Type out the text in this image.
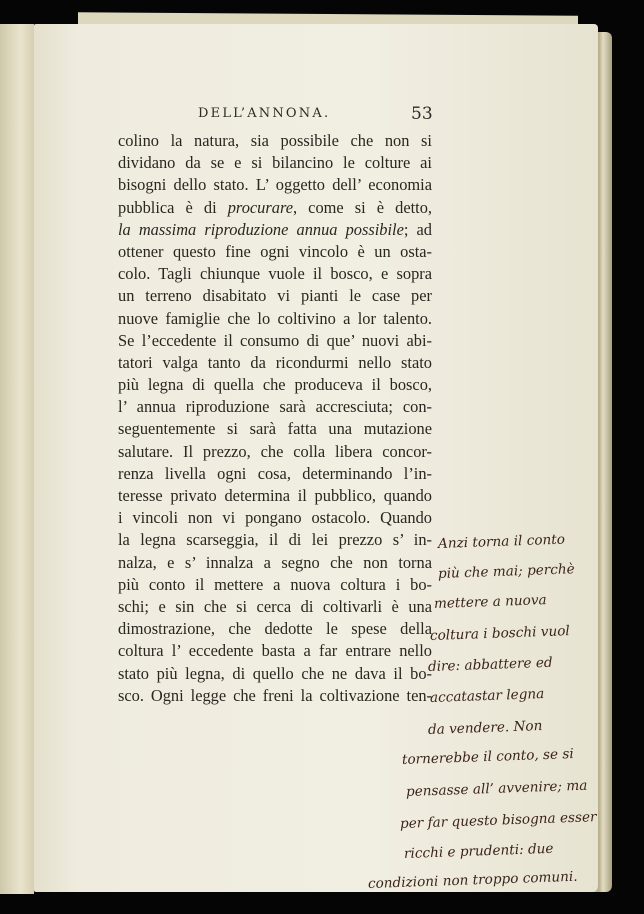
DELL’ANNONA.	53
colino la natura, sia possibile che non si
dividano da se e si bilancino le colture ai
bisogni dello stato. L’ oggetto dell’ economia
pubblica è di procurare, come si è detto,
la massima riproduzione annua possibile; ad
ottener questo fine ogni vincolo è un osta-
colo. Tagli chiunque vuole il bosco, e sopra
un terreno disabitato vi pianti le case per
nuove famiglie che lo coltivino a lor talento.
Se l’eccedente il consumo di que’ nuovi abi-
tatori valga tanto da ricondurmi nello stato
più legna di quella che produceva il bosco,
l’ annua riproduzione sarà accresciuta; con-
seguentemente si sarà fatta una mutazione
salutare. Il prezzo, che colla libera concor-
renza livella ogni cosa, determinando l’in-
teresse privato determina il pubblico, quando
i vincoli non vi pongano ostacolo. Quando
la legna scarseggia, il di lei prezzo s’ in-
nalza, e s’ innalza a segno che non torna
più conto il mettere a nuova coltura i bo-
schi; e sin che si cerca di coltivarli è una
dimostrazione, che dedotte le spese della
coltura l’ eccedente basta a far entrare nello
stato più legna, di quello che ne dava il bo-
sco. Ogni legge che freni la coltivazione ten-
Anzi torna il conto
più che mai; perchè
mettere a nuova
coltura i boschi vuol
dire: abbattere ed
accatastar legna
da vendere. Non
tornerebbe il conto, se si
pensasse all’ avvenire; ma
per far questo bisogna esser
ricchi e prudenti: due
condizioni non troppo comuni.
